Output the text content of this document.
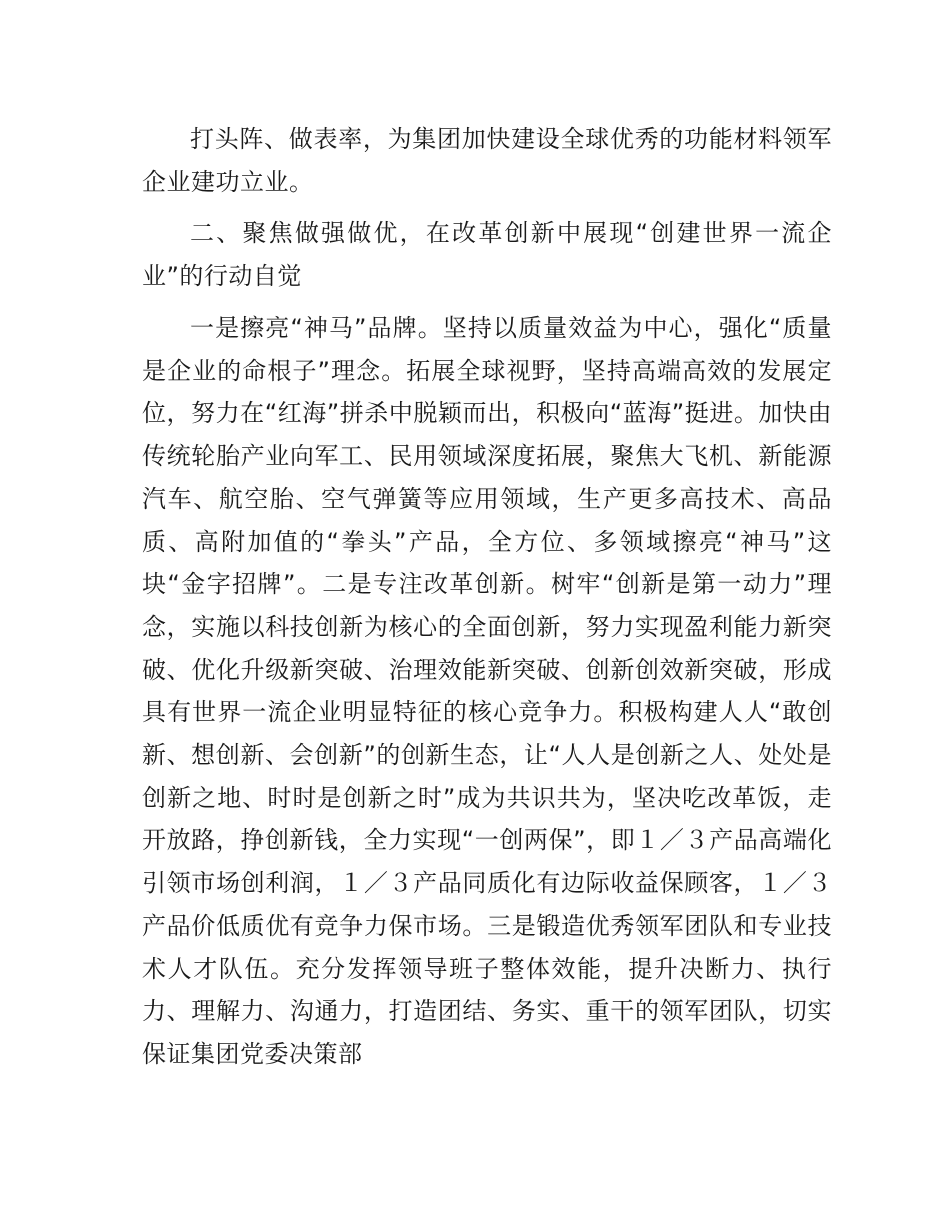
打头阵、做表率，为集团加快建设全球优秀的功能材料领军企业建功立业。

二、聚焦做强做优，在改革创新中展现“创建世界一流企业”的行动自觉

一是擦亮“神马”品牌。坚持以质量效益为中心，强化“质量是企业的命根子”理念。拓展全球视野，坚持高端高效的发展定位，努力在“红海”拼杀中脱颖而出，积极向“蓝海”挺进。加快由传统轮胎产业向军工、民用领域深度拓展，聚焦大飞机、新能源汽车、航空胎、空气弹簧等应用领域，生产更多高技术、高品质、高附加值的“拳头”产品，全方位、多领域擦亮“神马”这块“金字招牌”。二是专注改革创新。树牢“创新是第一动力”理念，实施以科技创新为核心的全面创新，努力实现盈利能力新突破、优化升级新突破、治理效能新突破、创新创效新突破，形成具有世界一流企业明显特征的核心竞争力。积极构建人人“敢创新、想创新、会创新”的创新生态，让“人人是创新之人、处处是创新之地、时时是创新之时”成为共识共为，坚决吃改革饭，走开放路，挣创新钱，全力实现“一创两保”，即１／３产品高端化引领市场创利润，１／３产品同质化有边际收益保顾客，１／３产品价低质优有竞争力保市场。三是锻造优秀领军团队和专业技术人才队伍。充分发挥领导班子整体效能，提升决断力、执行力、理解力、沟通力，打造团结、务实、重干的领军团队，切实保证集团党委决策部
